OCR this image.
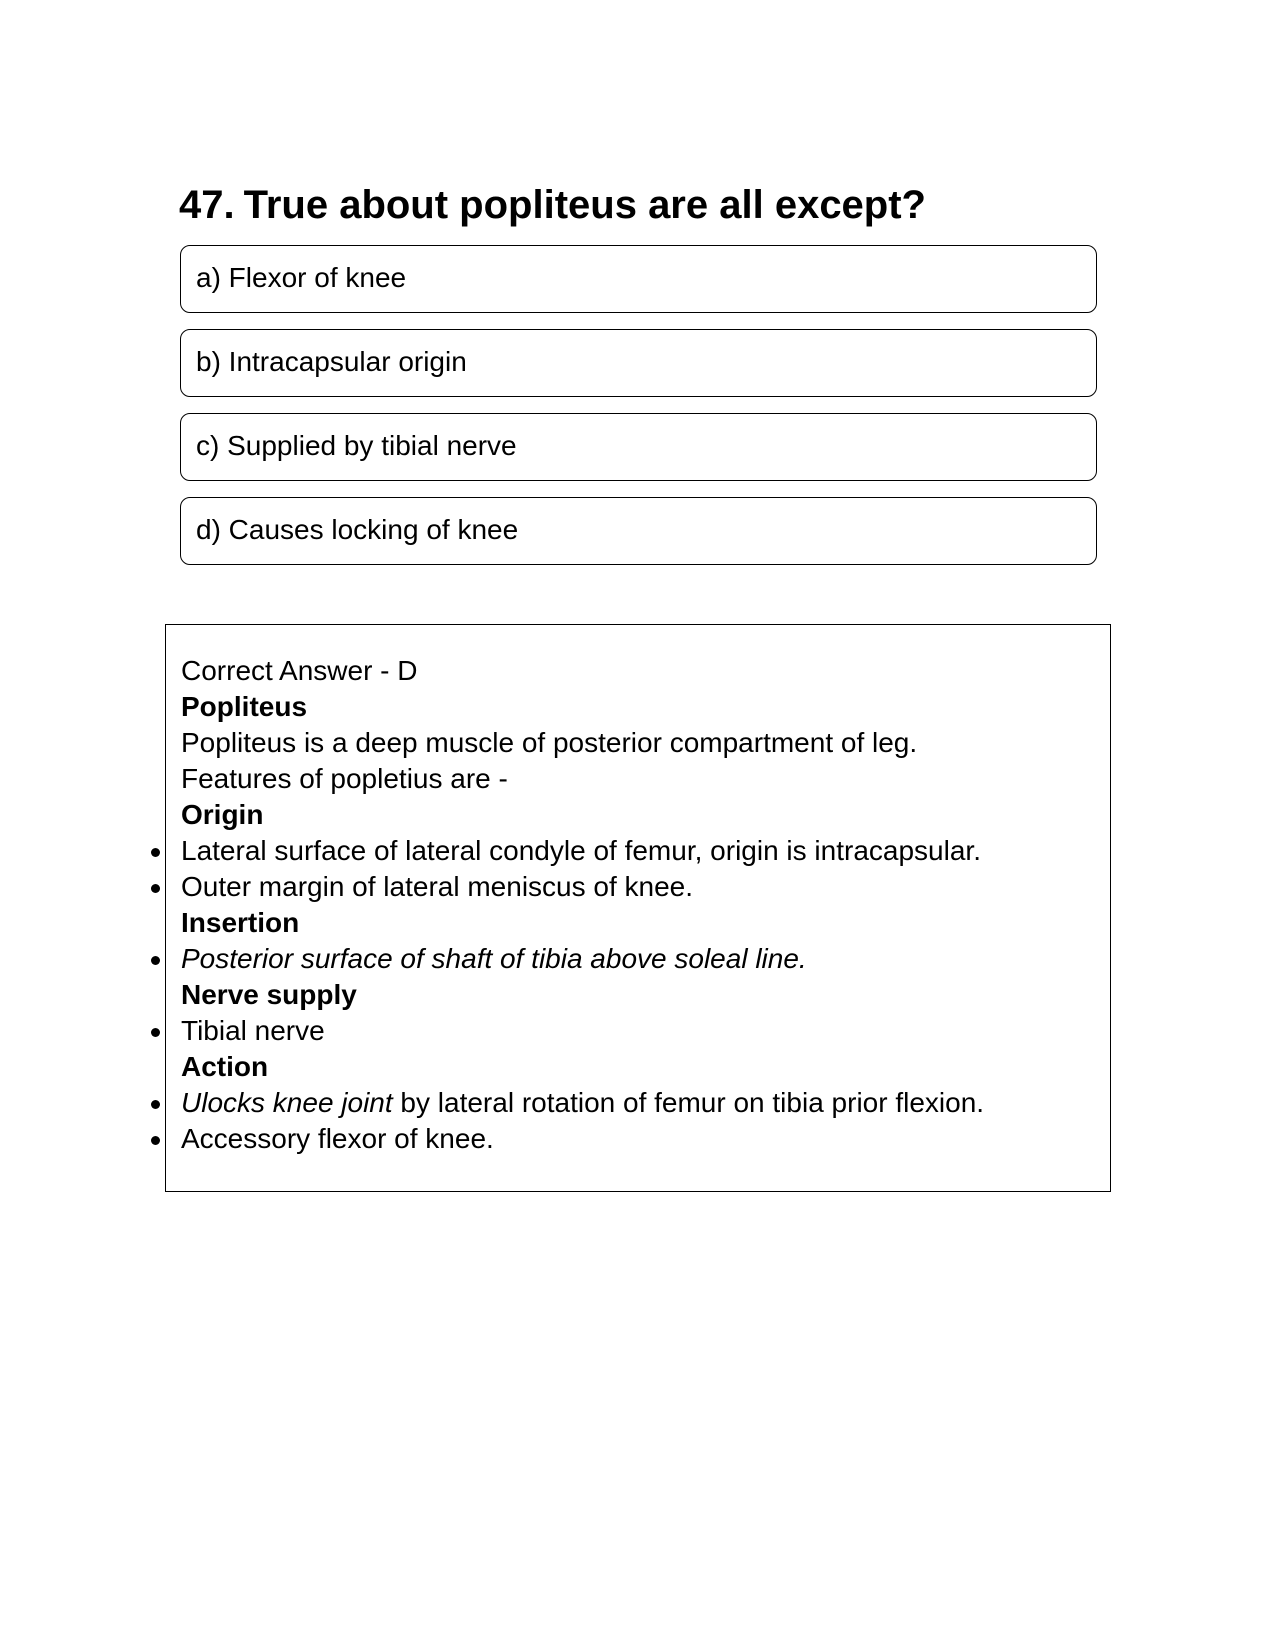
47. True about popliteus are all except?
a) Flexor of knee
b) Intracapsular origin
c) Supplied by tibial nerve
d) Causes locking of knee
Correct Answer - D
Popliteus
Popliteus is a deep muscle of posterior compartment of leg.
Features of popletius are -
Origin
Lateral surface of lateral condyle of femur, origin is intracapsular.
Outer margin of lateral meniscus of knee.
Insertion
Posterior surface of shaft of tibia above soleal line.
Nerve supply
Tibial nerve
Action
Ulocks knee joint by lateral rotation of femur on tibia prior flexion.
Accessory flexor of knee.
